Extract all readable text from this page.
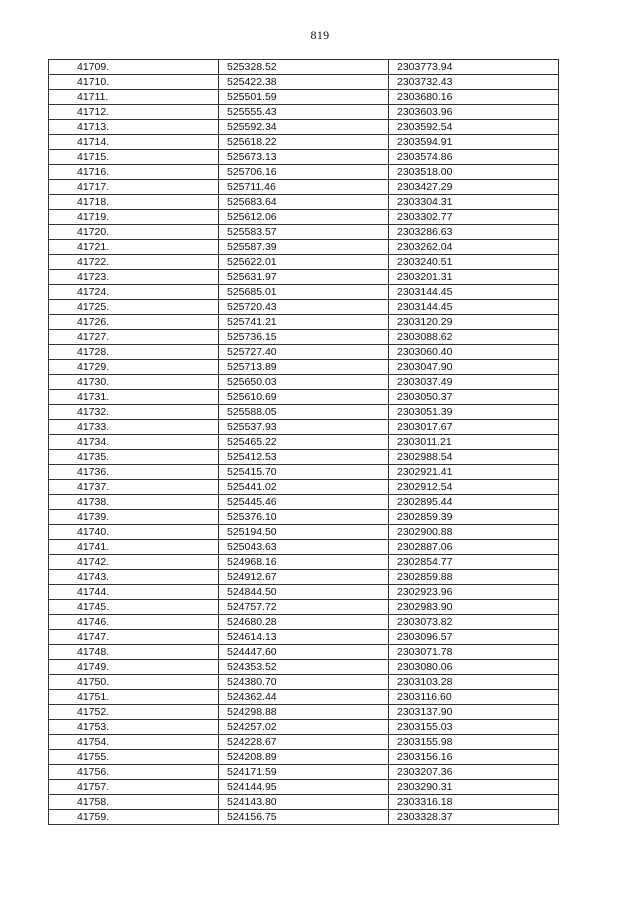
819
41709.	525328.52	2303773.94
41710.	525422.38	2303732.43
41711.	525501.59	2303680.16
41712.	525555.43	2303603.96
41713.	525592.34	2303592.54
41714.	525618.22	2303594.91
41715.	525673.13	2303574.86
41716.	525706.16	2303518.00
41717.	525711.46	2303427.29
41718.	525683.64	2303304.31
41719.	525612.06	2303302.77
41720.	525583.57	2303286.63
41721.	525587.39	2303262.04
41722.	525622.01	2303240.51
41723.	525631.97	2303201.31
41724.	525685.01	2303144.45
41725.	525720.43	2303144.45
41726.	525741.21	2303120.29
41727.	525736.15	2303088.62
41728.	525727.40	2303060.40
41729.	525713.89	2303047.90
41730.	525650.03	2303037.49
41731.	525610.69	2303050.37
41732.	525588.05	2303051.39
41733.	525537.93	2303017.67
41734.	525465.22	2303011.21
41735.	525412.53	2302988.54
41736.	525415.70	2302921.41
41737.	525441.02	2302912.54
41738.	525445.46	2302895.44
41739.	525376.10	2302859.39
41740.	525194.50	2302900.88
41741.	525043.63	2302887.06
41742.	524968.16	2302854.77
41743.	524912.67	2302859.88
41744.	524844.50	2302923.96
41745.	524757.72	2302983.90
41746.	524680.28	2303073.82
41747.	524614.13	2303096.57
41748.	524447.60	2303071.78
41749.	524353.52	2303080.06
41750.	524380.70	2303103.28
41751.	524362.44	2303116.60
41752.	524298.88	2303137.90
41753.	524257.02	2303155.03
41754.	524228.67	2303155.98
41755.	524208.89	2303156.16
41756.	524171.59	2303207.36
41757.	524144.95	2303290.31
41758.	524143.80	2303316.18
41759.	524156.75	2303328.37
